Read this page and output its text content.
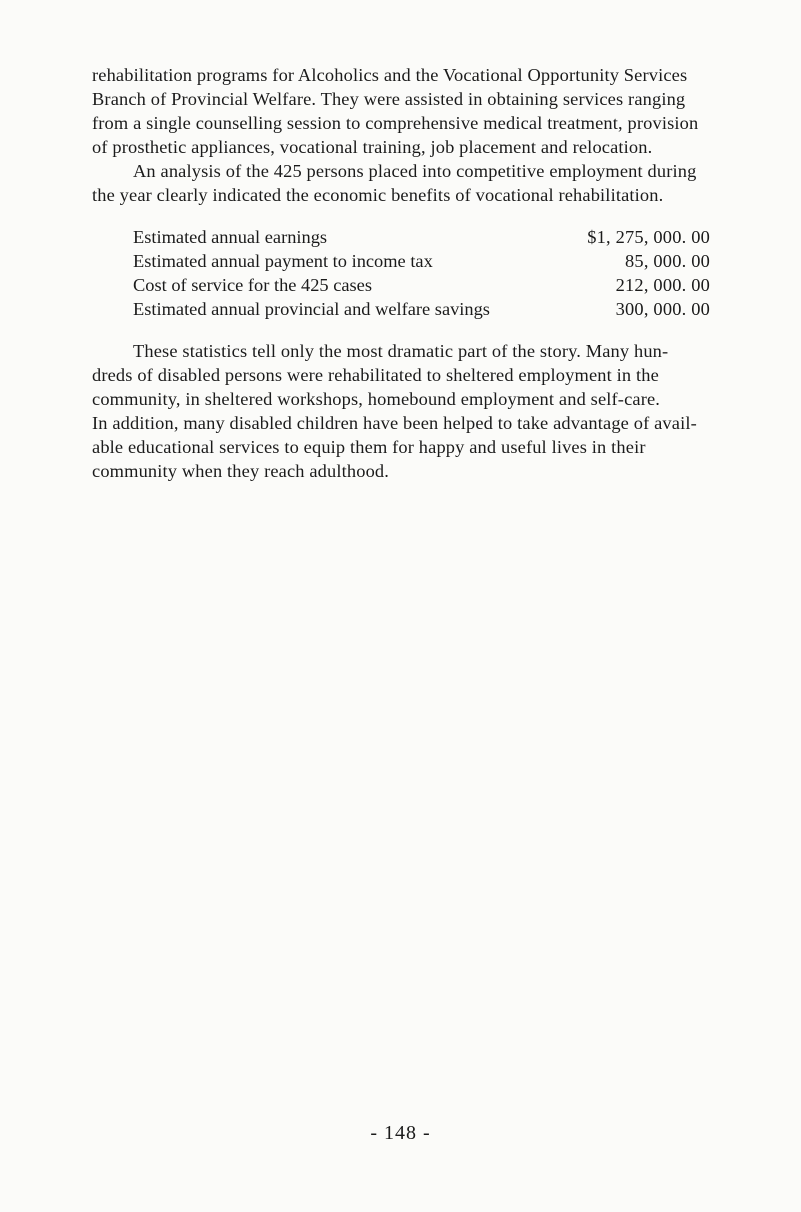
rehabilitation programs for Alcoholics and the Vocational Opportunity Services
Branch of Provincial Welfare. They were assisted in obtaining services ranging
from a single counselling session to comprehensive medical treatment, provision
of prosthetic appliances, vocational training, job placement and relocation.
An analysis of the 425 persons placed into competitive employment during
the year clearly indicated the economic benefits of vocational rehabilitation.
Estimated annual earnings	$1, 275, 000. 00
Estimated annual payment to income tax	85, 000. 00
Cost of service for the 425 cases	212, 000. 00
Estimated annual provincial and welfare savings	300, 000. 00
These statistics tell only the most dramatic part of the story. Many hun-
dreds of disabled persons were rehabilitated to sheltered employment in the
community, in sheltered workshops, homebound employment and self-care.
In addition, many disabled children have been helped to take advantage of avail-
able educational services to equip them for happy and useful lives in their
community when they reach adulthood.
- 148 -
